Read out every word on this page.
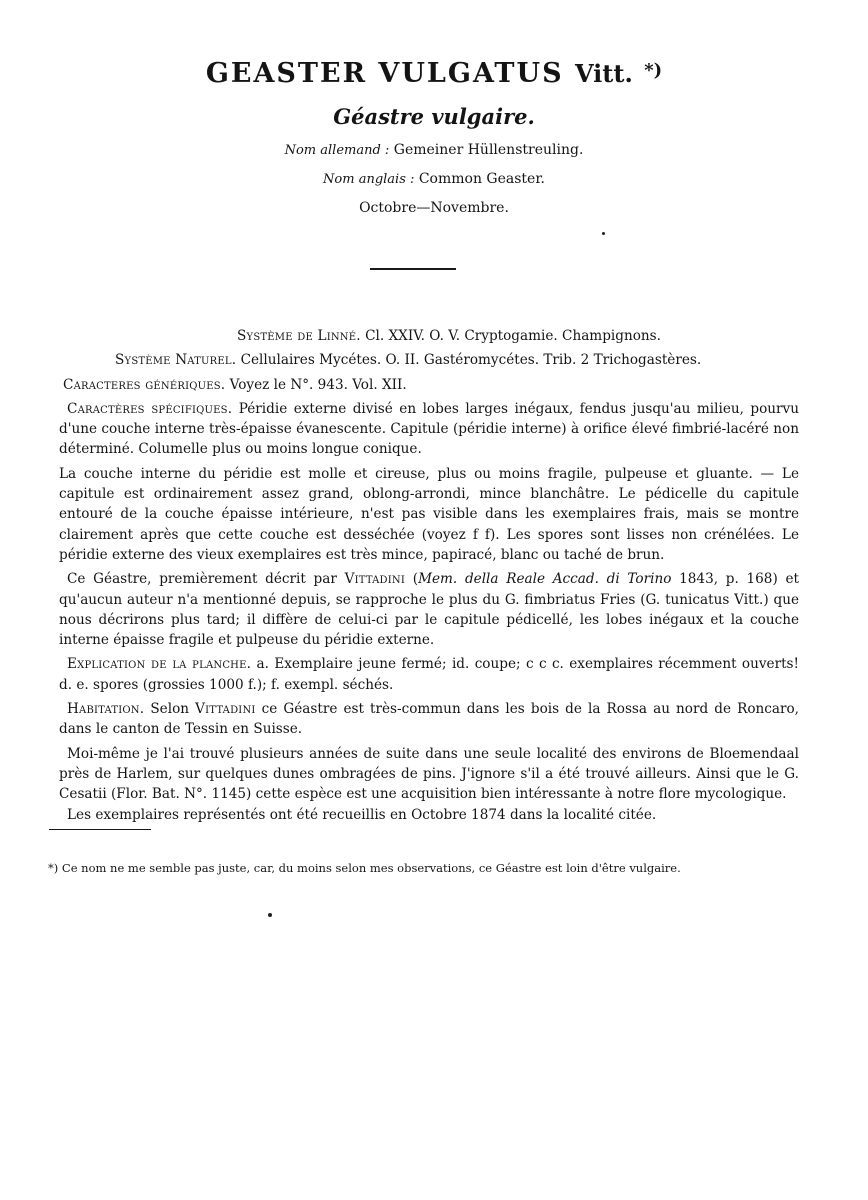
GEASTER VULGATUS Vitt. *)
Géastre vulgaire.
Nom allemand : Gemeiner Hüllenstreuling.
Nom anglais : Common Geaster.
Octobre—Novembre.

Système de Linné. Cl. XXIV. O. V. Cryptogamie. Champignons.

Système Naturel. Cellulaires Mycétes. O. II. Gastéromycétes. Trib. 2 Trichogastères.

Caracteres génériques. Voyez le N°. 943. Vol. XII.

Caractères spécifiques. Péridie externe divisé en lobes larges inégaux, fendus jusqu'au milieu, pourvu d'une couche interne très-épaisse évanescente. Capitule (péridie interne) à orifice élevé fimbrié-lacéré non déterminé. Columelle plus ou moins longue conique.

La couche interne du péridie est molle et cireuse, plus ou moins fragile, pulpeuse et gluante. — Le capitule est ordinairement assez grand, oblong-arrondi, mince blanchâtre. Le pédicelle du capitule entouré de la couche épaisse intérieure, n'est pas visible dans les exemplaires frais, mais se montre clairement après que cette couche est desséchée (voyez f f). Les spores sont lisses non crénélées. Le péridie externe des vieux exemplaires est très mince, papiracé, blanc ou taché de brun.

Ce Géastre, premièrement décrit par Vittadini (Mem. della Reale Accad. di Torino 1843, p. 168) et qu'aucun auteur n'a mentionné depuis, se rapproche le plus du G. fimbriatus Fries (G. tunicatus Vitt.) que nous décrirons plus tard; il diffère de celui-ci par le capitule pédicellé, les lobes inégaux et la couche interne épaisse fragile et pulpeuse du péridie externe.

Explication de la planche. a. Exemplaire jeune fermé; id. coupe; c c c. exemplaires récemment ouverts! d. e. spores (grossies 1000 f.); f. exempl. séchés.

Habitation. Selon Vittadini ce Géastre est très-commun dans les bois de la Rossa au nord de Roncaro, dans le canton de Tessin en Suisse.

Moi-même je l'ai trouvé plusieurs années de suite dans une seule localité des environs de Bloemendaal près de Harlem, sur quelques dunes ombragées de pins. J'ignore s'il a été trouvé ailleurs. Ainsi que le G. Cesatii (Flor. Bat. N°. 1145) cette espèce est une acquisition bien intéressante à notre flore mycologique.

Les exemplaires représentés ont été recueillis en Octobre 1874 dans la localité citée.

*) Ce nom ne me semble pas juste, car, du moins selon mes observations, ce Géastre est loin d'être vulgaire.
